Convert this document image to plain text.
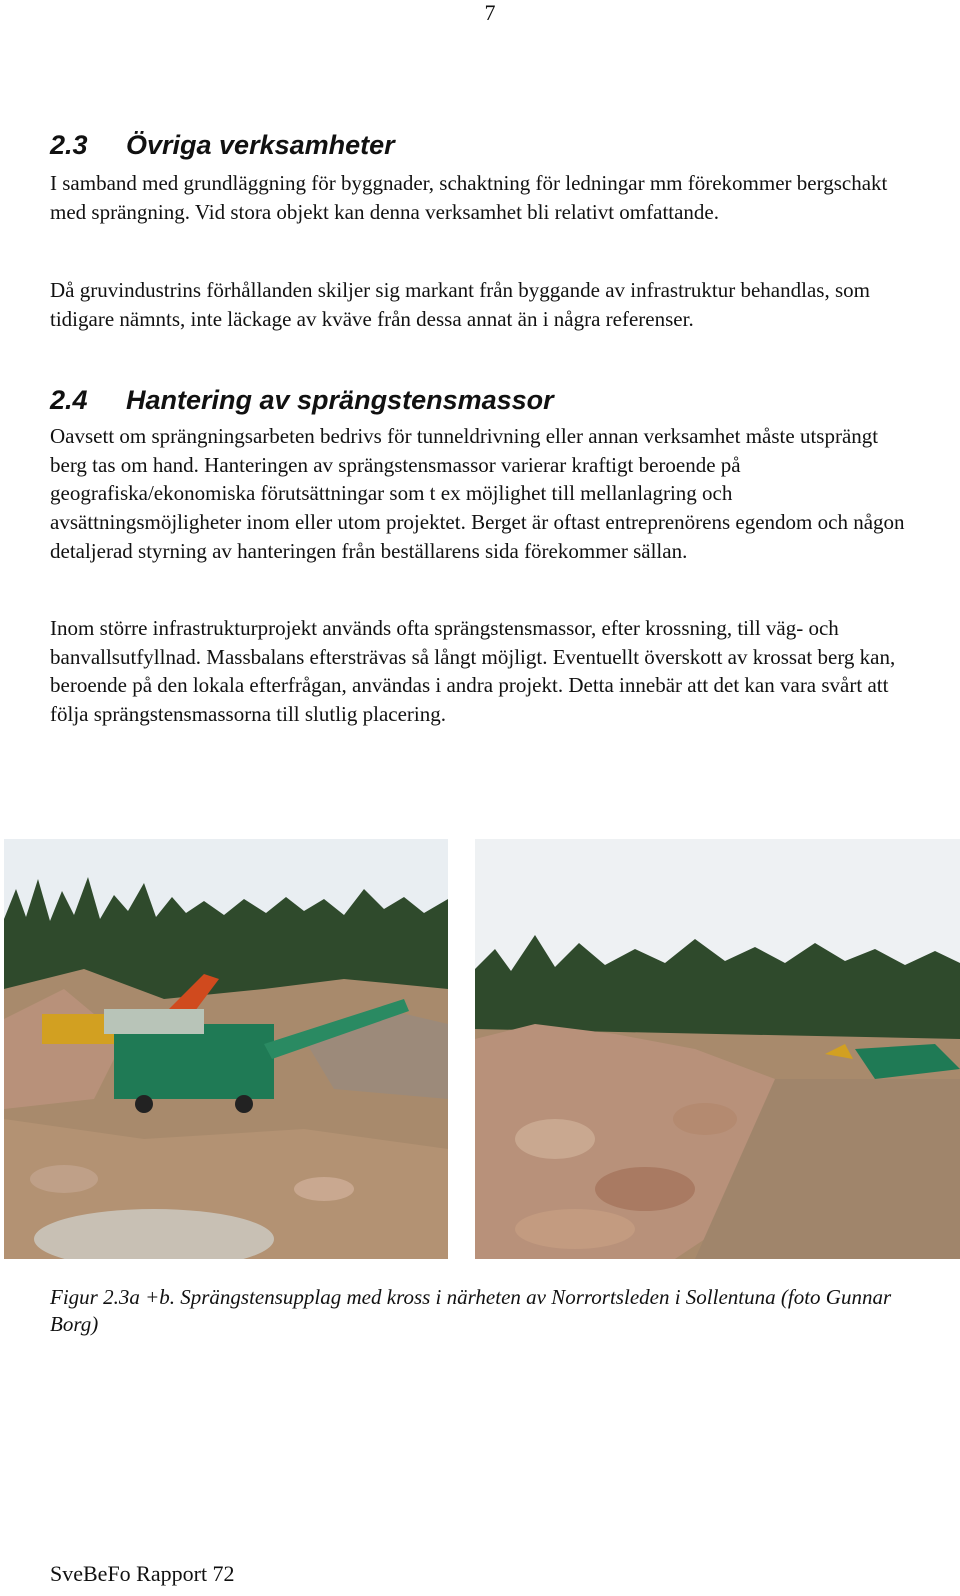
7
2.3 Övriga verksamheter

I samband med grundläggning för byggnader, schaktning för ledningar mm förekommer bergschakt med sprängning. Vid stora objekt kan denna verksamhet bli relativt omfattande.

Då gruvindustrins förhållanden skiljer sig markant från byggande av infrastruktur behandlas, som tidigare nämnts, inte läckage av kväve från dessa annat än i några referenser.

2.4 Hantering av sprängstensmassor

Oavsett om sprängningsarbeten bedrivs för tunneldrivning eller annan verksamhet måste utsprängt berg tas om hand. Hanteringen av sprängstensmassor varierar kraftigt beroende på geografiska/ekonomiska förutsättningar som t ex möjlighet till mellanlagring och avsättningsmöjligheter inom eller utom projektet. Berget är oftast entreprenörens egendom och någon detaljerad styrning av hanteringen från beställarens sida förekommer sällan.

Inom större infrastrukturprojekt används ofta sprängstensmassor, efter krossning, till väg- och banvallsutfyllnad. Massbalans eftersträvas så långt möjligt. Eventuellt överskott av krossat berg kan, beroende på den lokala efterfrågan, användas i andra projekt. Detta innebär att det kan vara svårt att följa sprängstensmassorna till slutlig placering.

Figur 2.3a +b. Sprängstensupplag med kross i närheten av Norrortsleden i Sollentuna (foto Gunnar Borg)

SveBeFo Rapport 72
